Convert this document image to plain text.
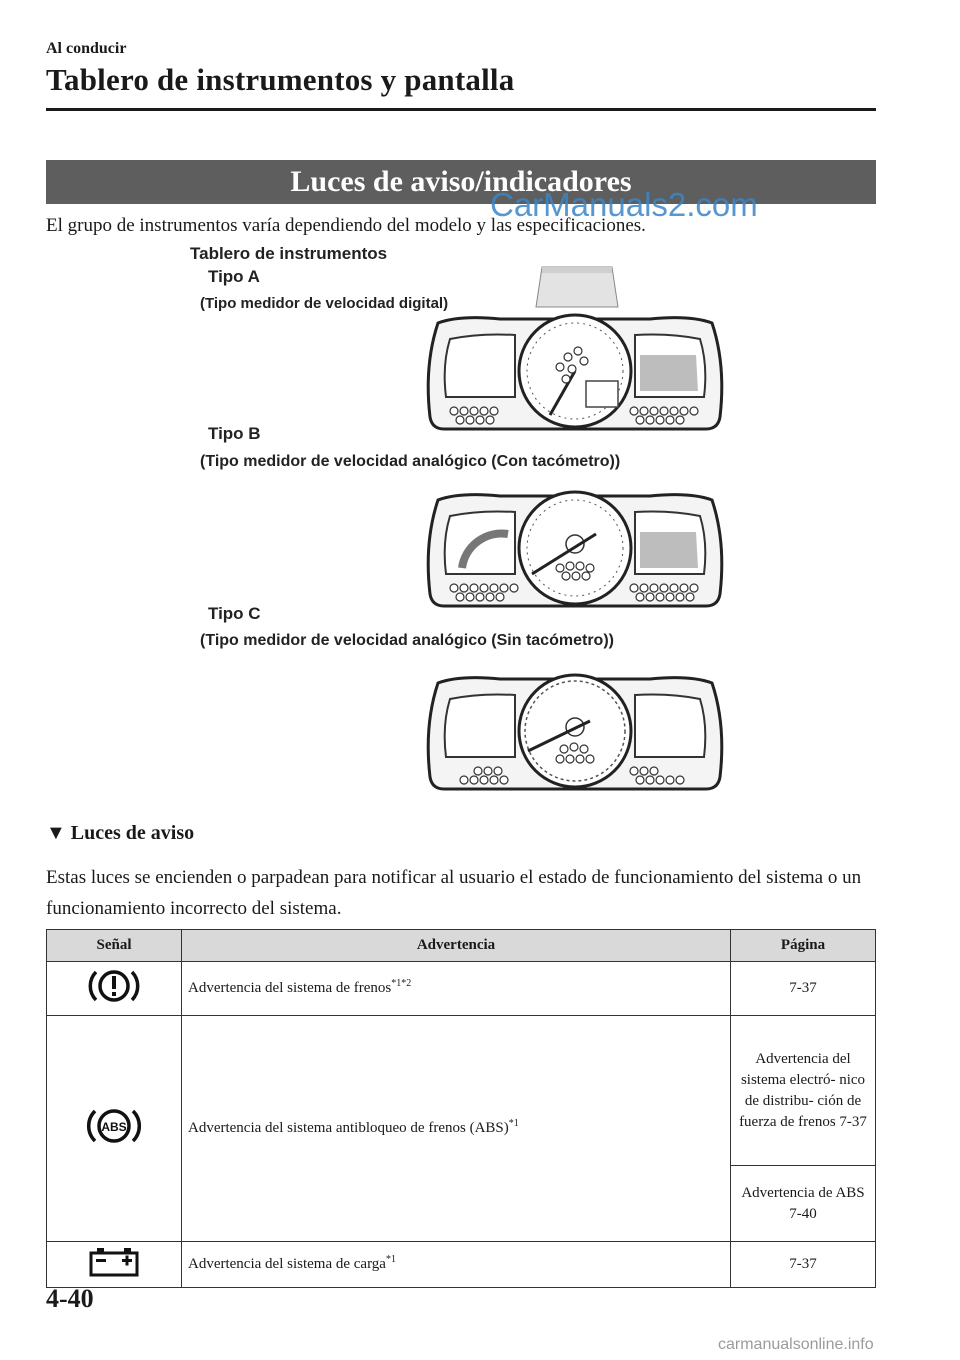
Al conducir
Tablero de instrumentos y pantalla
Luces de aviso/indicadores
CarManuals2.com
El grupo de instrumentos varía dependiendo del modelo y las especificaciones.
Tablero de instrumentos
Tipo A
(Tipo medidor de velocidad digital)
Tipo B
(Tipo medidor de velocidad analógico (Con tacómetro))
Tipo C
(Tipo medidor de velocidad analógico (Sin tacómetro))
▼ Luces de aviso
Estas luces se encienden o parpadean para notificar al usuario el estado de funcionamiento del sistema o un funcionamiento incorrecto del sistema.
Señal	Advertencia	Página
	Advertencia del sistema de frenos$^{*1*2}$	7-37

ABS	Advertencia del sistema antibloqueo de frenos (ABS)$^{*1}$	Advertencia del sistema electró- nico de distribu- ción de fuerza de frenos 7-37
		Advertencia de ABS 7-40
	Advertencia del sistema de carga$^{*1}$	7-37
4-40
carmanualsonline.info
